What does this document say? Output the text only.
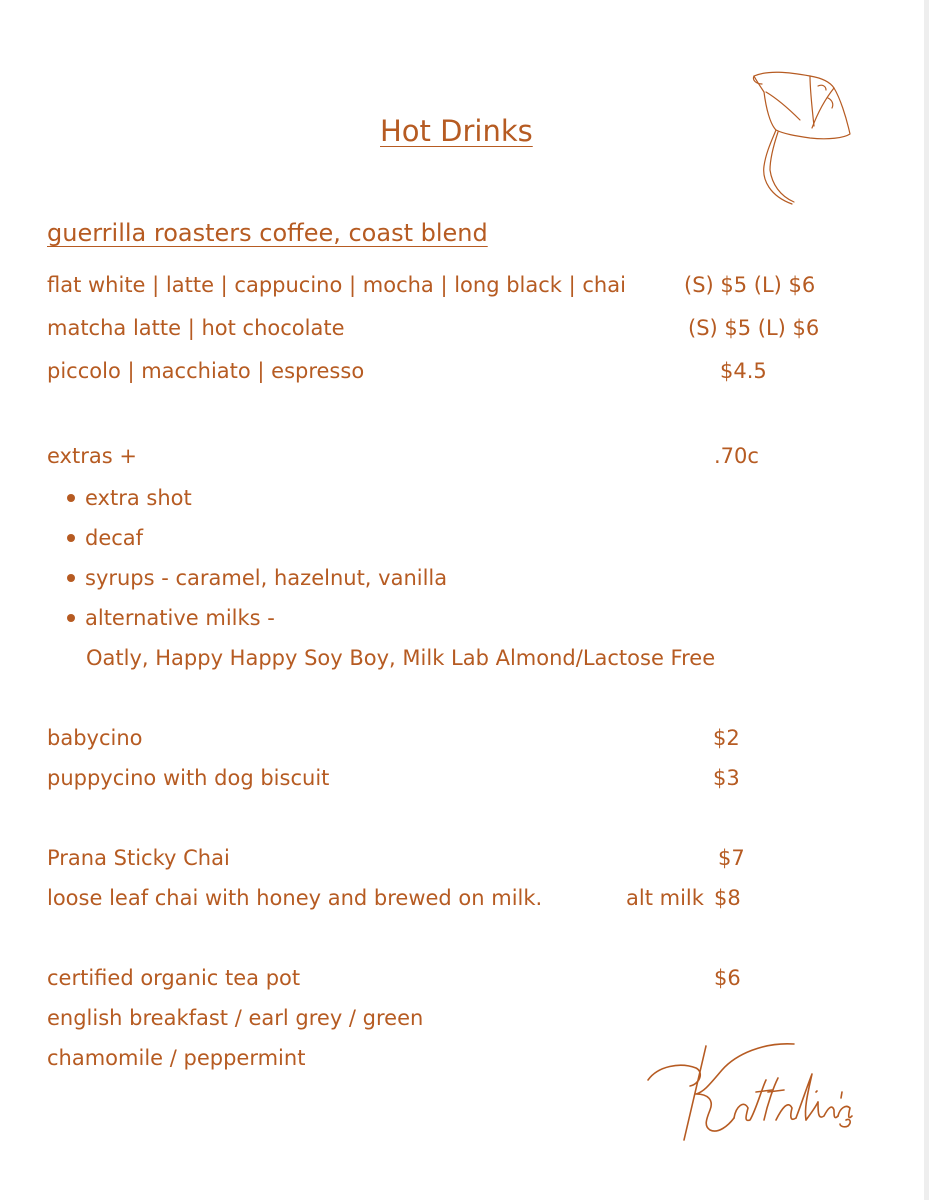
Hot Drinks
guerrilla roasters coffee, coast blend
flat white | latte | cappucino | mocha | long black | chai	(S) $5 (L) $6
matcha latte | hot chocolate	(S) $5 (L) $6
piccolo | macchiato | espresso	$4.5
extras +	.70c
extra shot
decaf
syrups - caramel, hazelnut, vanilla
alternative milks -
Oatly, Happy Happy Soy Boy, Milk Lab Almond/Lactose Free
babycino	$2
puppycino with dog biscuit	$3
Prana Sticky Chai	$7
loose leaf chai with honey and brewed on milk.	alt milk $8
certified organic tea pot	$6
english breakfast / earl grey / green
chamomile / peppermint
